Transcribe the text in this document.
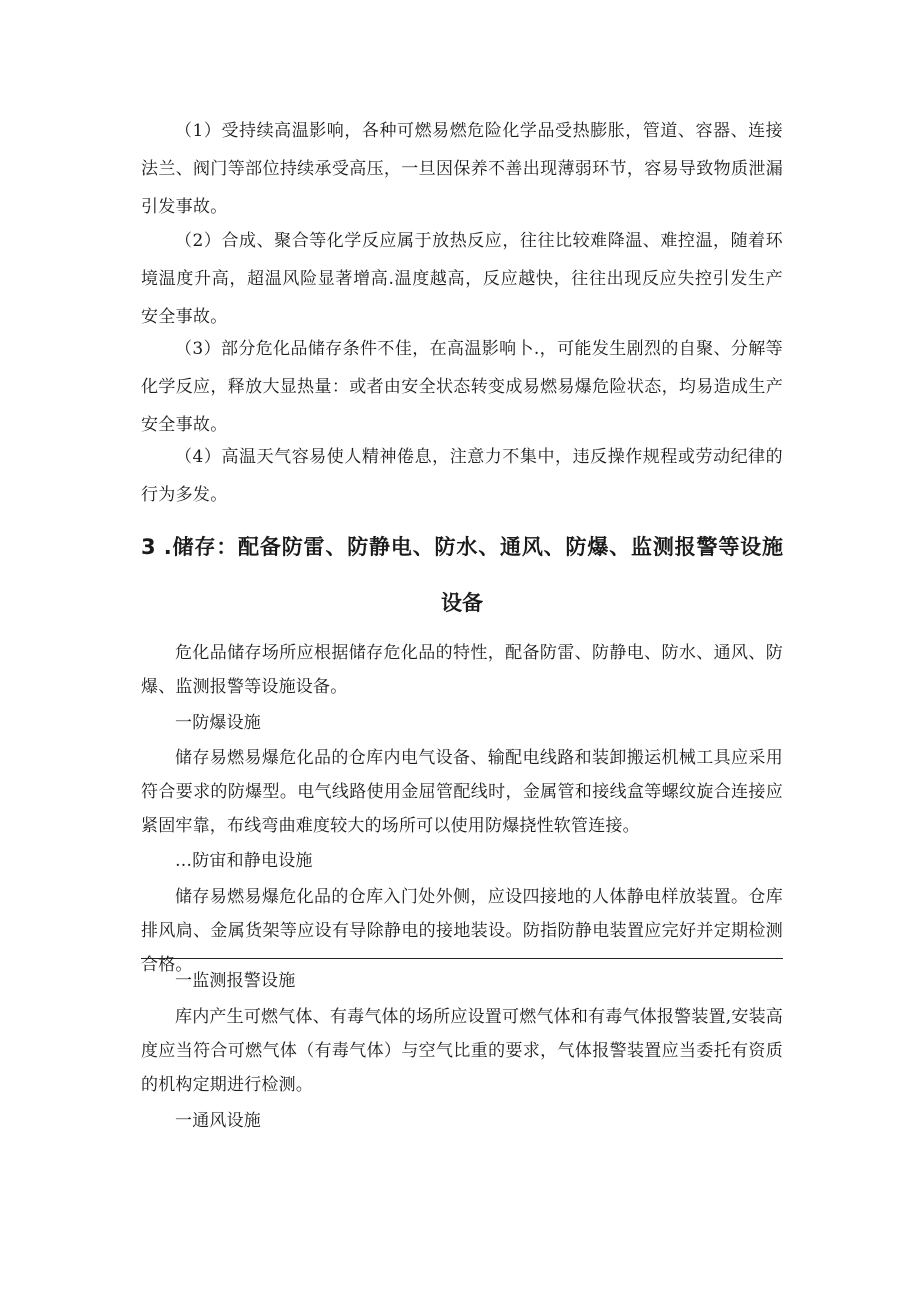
（1）受持续高温影响，各种可燃易燃危险化学品受热膨胀，管道、容器、连接法兰、阀门等部位持续承受高压，一旦因保养不善出现薄弱环节，容易导致物质泄漏引发事故。

（2）合成、聚合等化学反应属于放热反应，往往比较难降温、难控温，随着环境温度升高，超温风险显著增高.温度越高，反应越快，往往出现反应失控引发生产安全事故。

（3）部分危化品储存条件不佳，在高温影响卜.，可能发生剧烈的自聚、分解等化学反应，释放大显热量：或者由安全状态转变成易燃易爆危险状态，均易造成生产安全事故。

（4）高温天气容易使人精神倦息，注意力不集中，违反操作规程或劳动纪律的行为多发。

3 .储存：配备防雷、防静电、防水、通风、防爆、监测报警等设施
设备

危化品储存场所应根据储存危化品的特性，配备防雷、防静电、防水、通风、防爆、监测报警等设施设备。

一防爆设施

储存易燃易爆危化品的仓库内电气设备、输配电线路和装卸搬运机械工具应采用符合要求的防爆型。电气线路使用金屈管配线时，金属管和接线盒等螺纹旋合连接应紧固牢靠，布线弯曲难度较大的场所可以使用防爆挠性软管连接。

…防宙和静电设施

储存易燃易爆危化品的仓库入门处外侧，应设四接地的人体静电样放装置。仓库排风扃、金属货架等应设有导除静电的接地装设。防指防静电装置应完好并定期检测合格。

一监测报警设施

库内产生可燃气体、有毒气体的场所应设置可燃气体和有毒气体报警装置,安装高度应当符合可燃气体（有毒气体）与空气比重的要求，气体报警装置应当委托有资质的机构定期进行检测。

一通风设施
